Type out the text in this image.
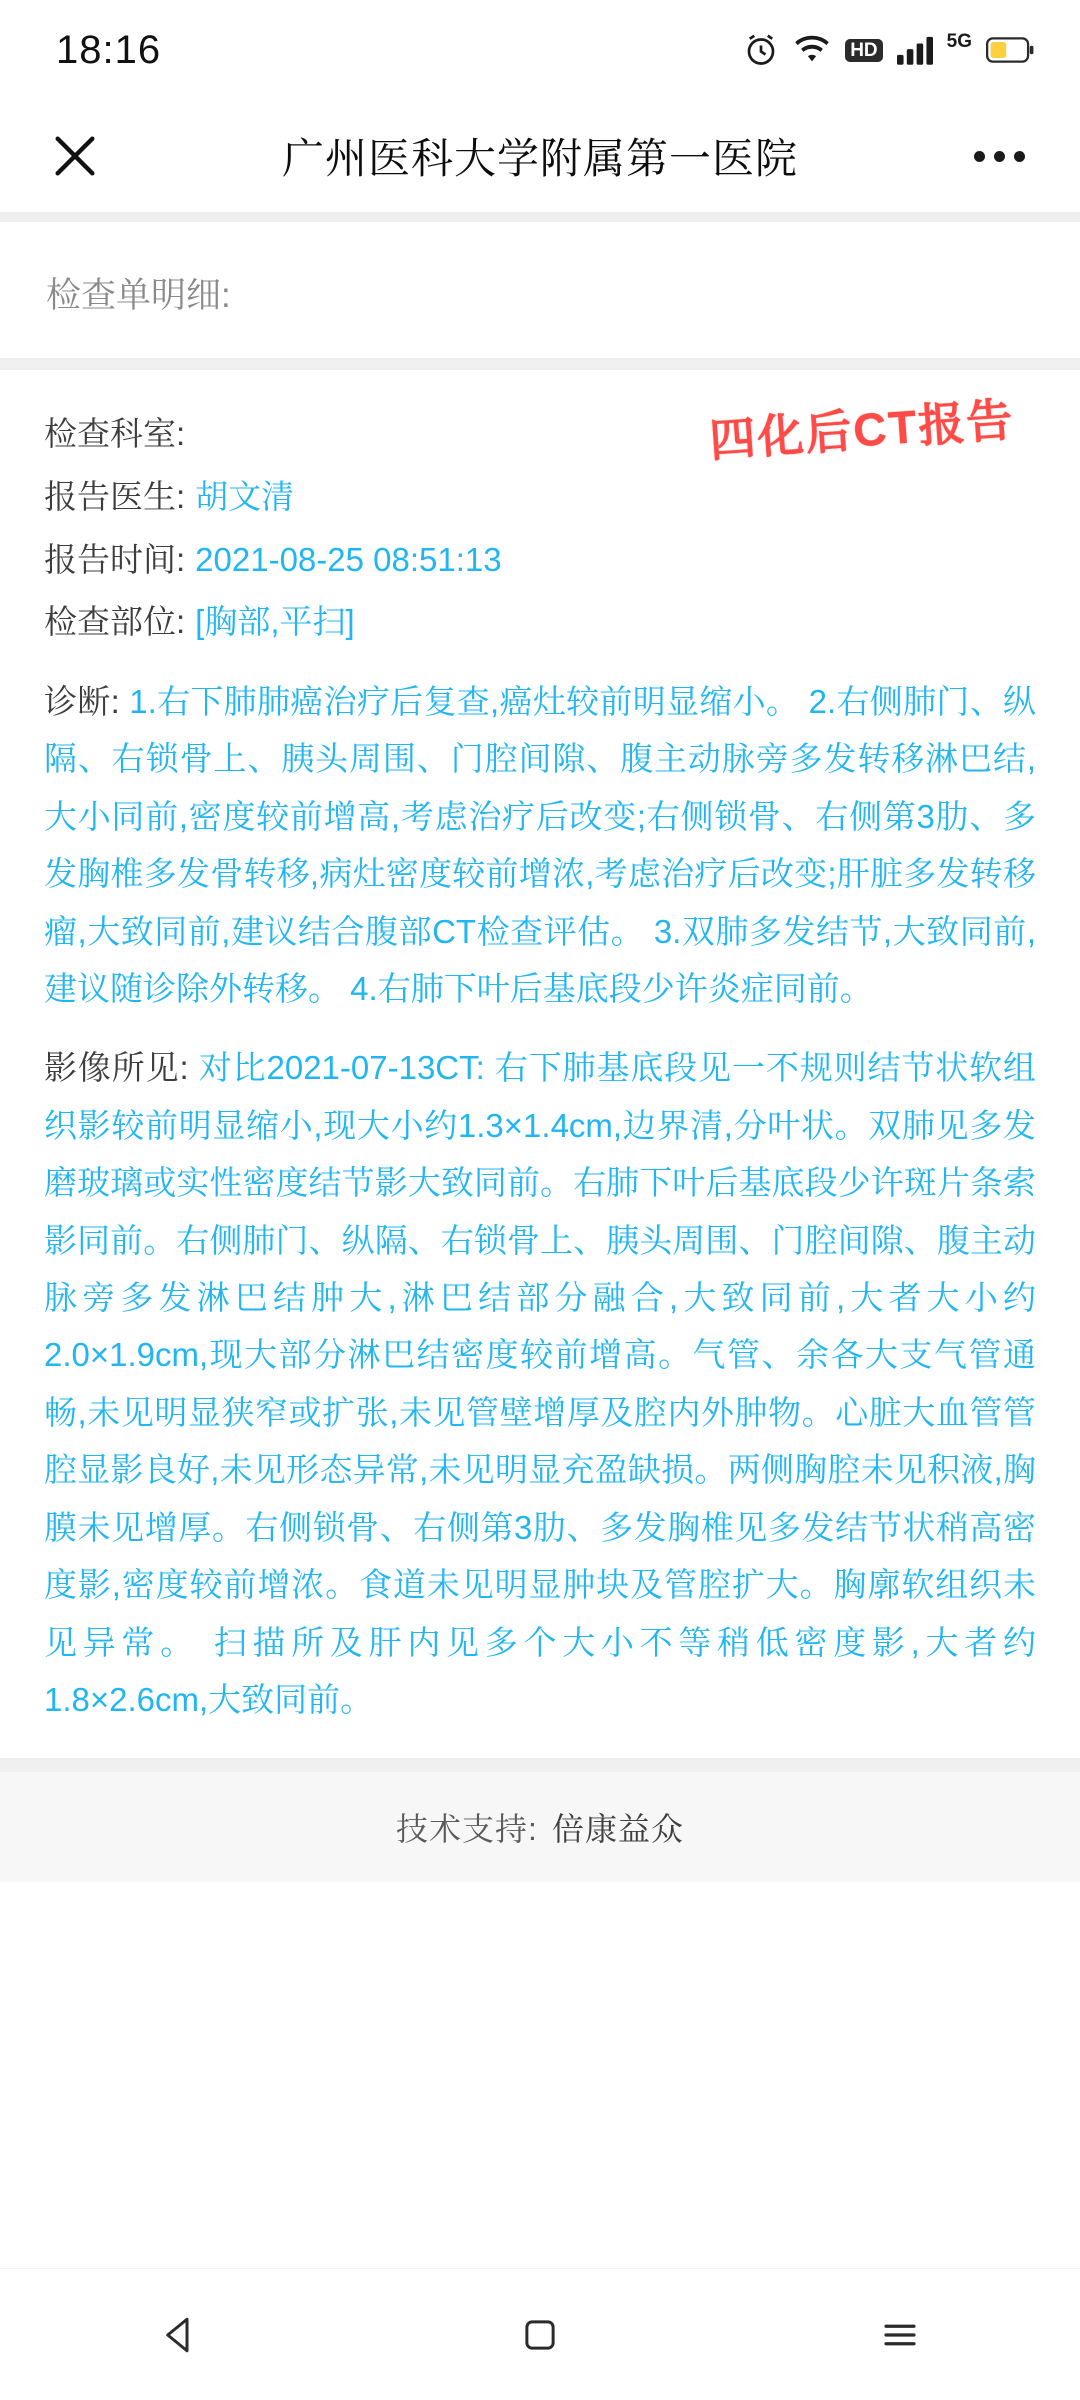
18:16	HD	5G
广州医科大学附属第一医院
检查单明细:
四化后CT报告
检查科室:
报告医生: 胡文清
报告时间: 2021-08-25 08:51:13
检查部位: [胸部,平扫]
诊断: 1.右下肺肺癌治疗后复查,癌灶较前明显缩小。 2.右侧肺门、纵隔、右锁骨上、胰头周围、门腔间隙、腹主动脉旁多发转移淋巴结,大小同前,密度较前增高,考虑治疗后改变;右侧锁骨、右侧第3肋、多发胸椎多发骨转移,病灶密度较前增浓,考虑治疗后改变;肝脏多发转移瘤,大致同前,建议结合腹部CT检查评估。 3.双肺多发结节,大致同前,建议随诊除外转移。 4.右肺下叶后基底段少许炎症同前。
影像所见: 对比2021-07-13CT: 右下肺基底段见一不规则结节状软组织影较前明显缩小,现大小约1.3×1.4cm,边界清,分叶状。双肺见多发磨玻璃或实性密度结节影大致同前。右肺下叶后基底段少许斑片条索影同前。右侧肺门、纵隔、右锁骨上、胰头周围、门腔间隙、腹主动脉旁多发淋巴结肿大,淋巴结部分融合,大致同前,大者大小约2.0×1.9cm,现大部分淋巴结密度较前增高。气管、余各大支气管通畅,未见明显狭窄或扩张,未见管壁增厚及腔内外肿物。心脏大血管管腔显影良好,未见形态异常,未见明显充盈缺损。两侧胸腔未见积液,胸膜未见增厚。右侧锁骨、右侧第3肋、多发胸椎见多发结节状稍高密度影,密度较前增浓。食道未见明显肿块及管腔扩大。胸廓软组织未见异常。 扫描所及肝内见多个大小不等稍低密度影,大者约1.8×2.6cm,大致同前。
技术支持: 倍康益众
